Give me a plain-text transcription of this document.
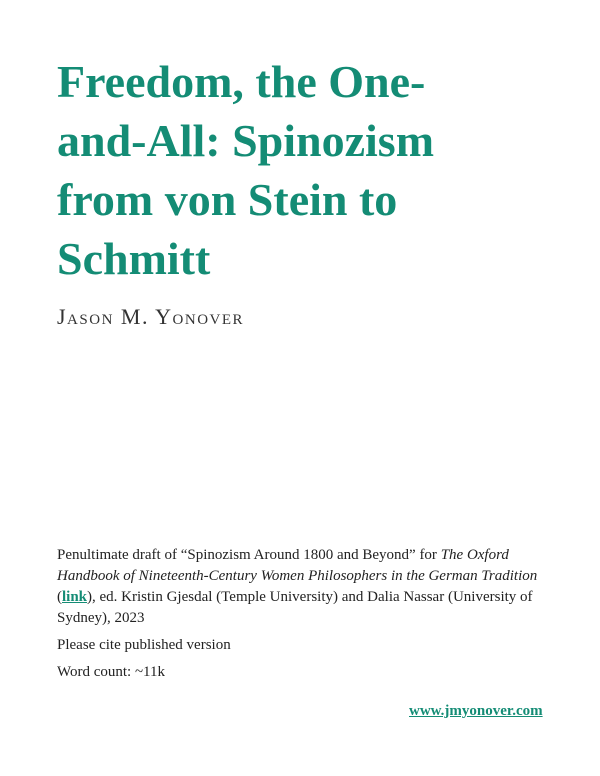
Freedom, the One-
and-All: Spinozism
from von Stein to
Schmitt
Jason M. Yonover

Penultimate draft of “Spinozism Around 1800 and Beyond” for The Oxford Handbook of Nineteenth-Century Women Philosophers in the German Tradition (link), ed. Kristin Gjesdal (Temple University) and Dalia Nassar (University of Sydney), 2023

Please cite published version

Word count: ~11k

www.jmyonover.com
